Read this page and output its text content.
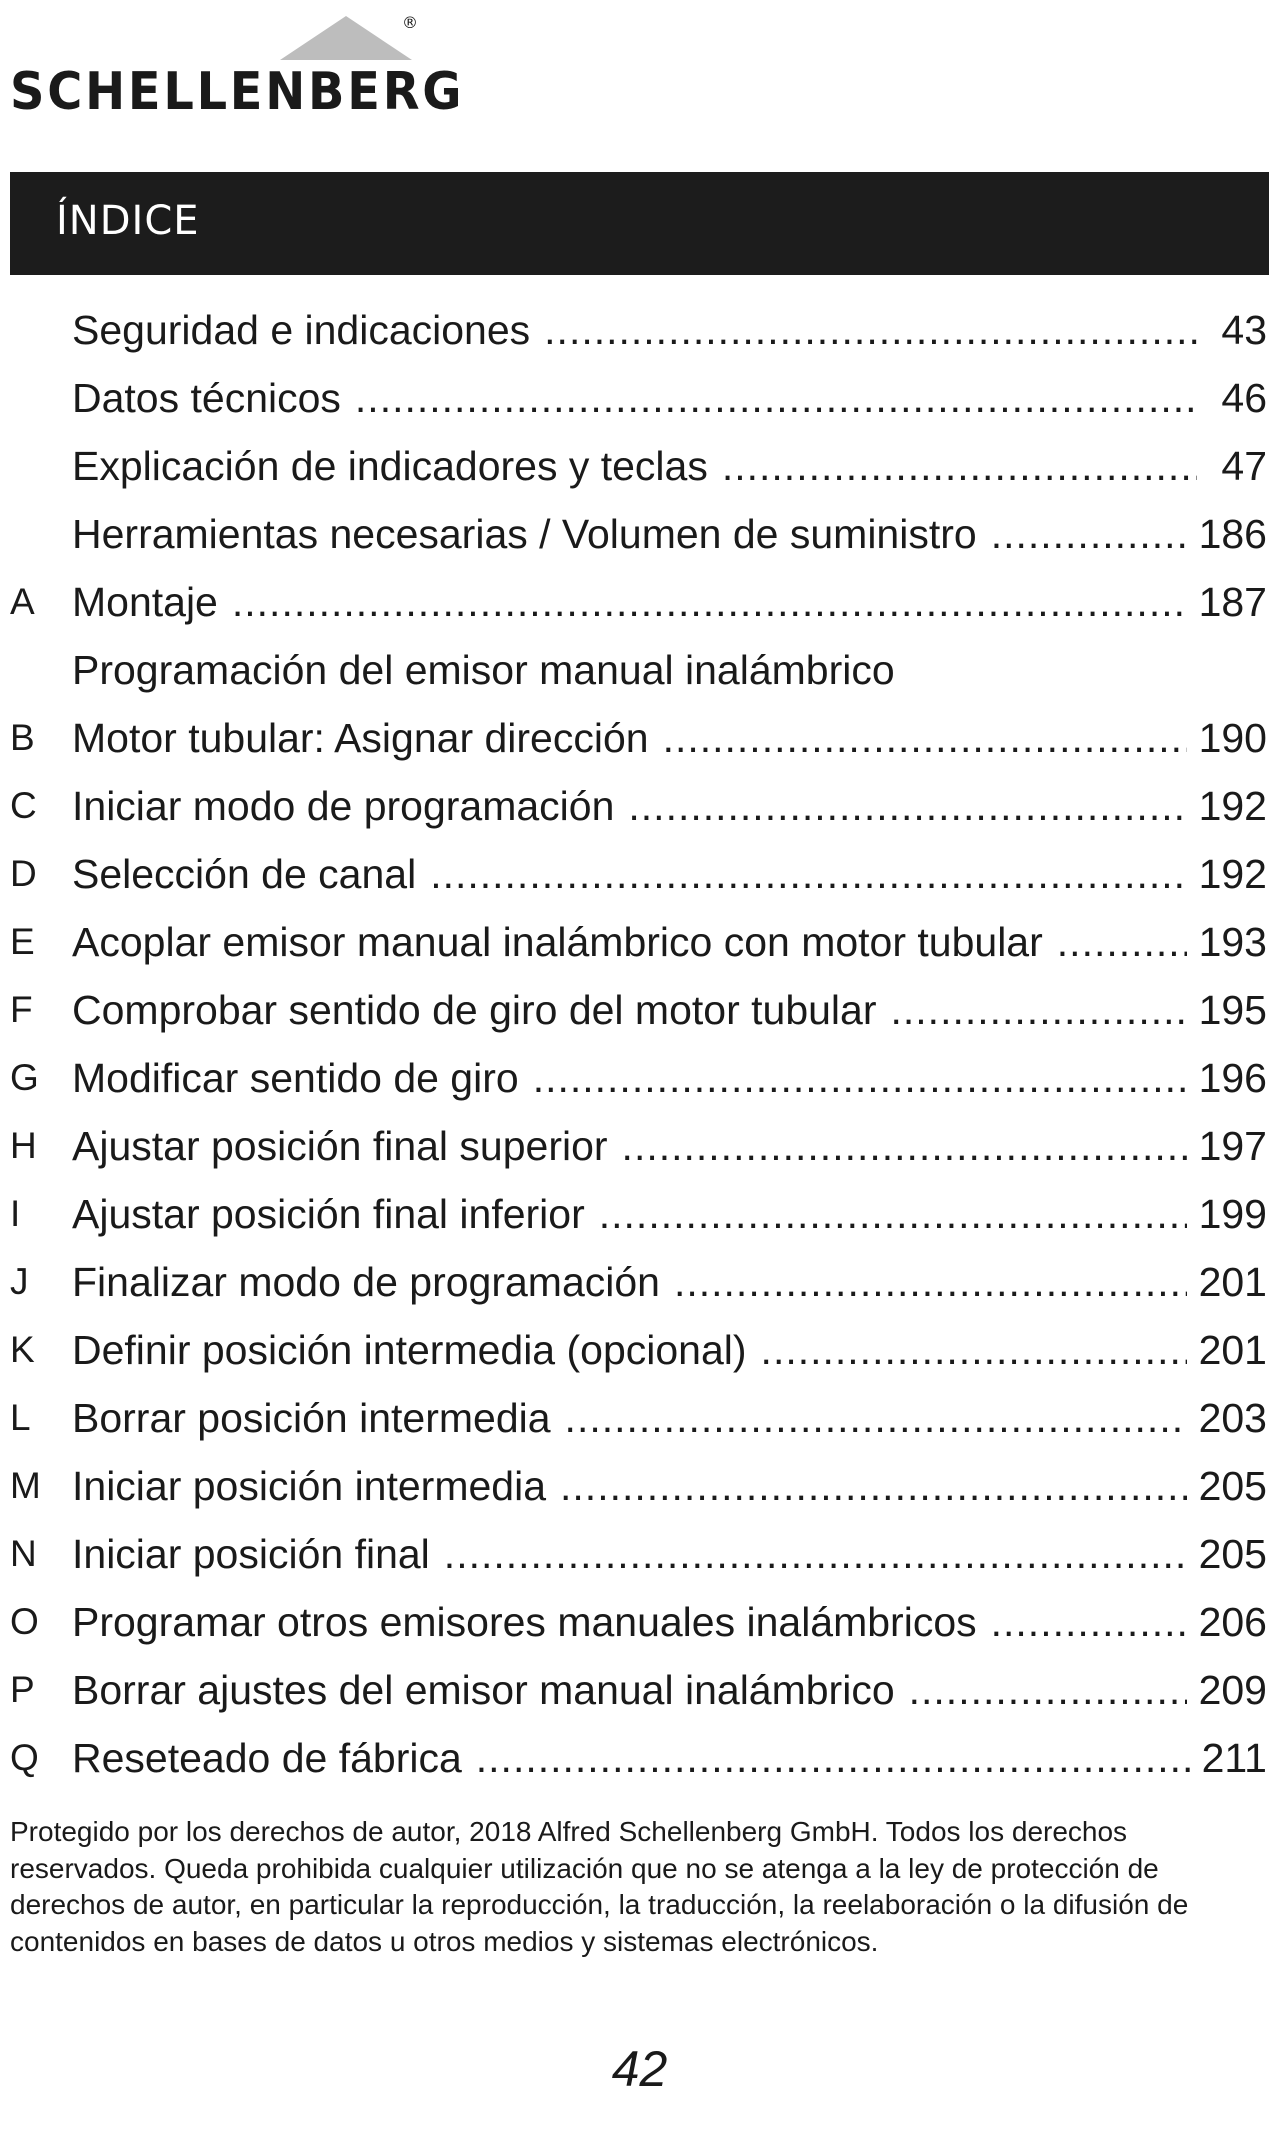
®
SCHELLENBERG
ÍNDICE
Seguridad e indicaciones .....	43
Datos técnicos .....	46
Explicación de indicadores y teclas .....	47
Herramientas necesarias / Volumen de suministro .....	186
A Montaje .....	187
Programación del emisor manual inalámbrico
B Motor tubular: Asignar dirección .....	190
C Iniciar modo de programación .....	192
D Selección de canal .....	192
E Acoplar emisor manual inalámbrico con motor tubular .....	193
F Comprobar sentido de giro del motor tubular .....	195
G Modificar sentido de giro .....	196
H Ajustar posición final superior .....	197
I	Ajustar posición final inferior .....	199
J	Finalizar modo de programación .....	201
K Definir posición intermedia (opcional) .....	201
L	Borrar posición intermedia .....	203
M Iniciar posición intermedia .....	205
N Iniciar posición final .....	205
O Programar otros emisores manuales inalámbricos .....	206
P Borrar ajustes del emisor manual inalámbrico .....	209
Q Reseteado de fábrica .....	211

Protegido por los derechos de autor, 2018 Alfred Schellenberg GmbH. Todos los derechos reservados. Queda prohibida cualquier utilización que no se atenga a la ley de protección de derechos de autor, en particular la reproducción, la traducción, la reelaboración o la difusión de contenidos en bases de datos u otros medios y sistemas electrónicos.

42
